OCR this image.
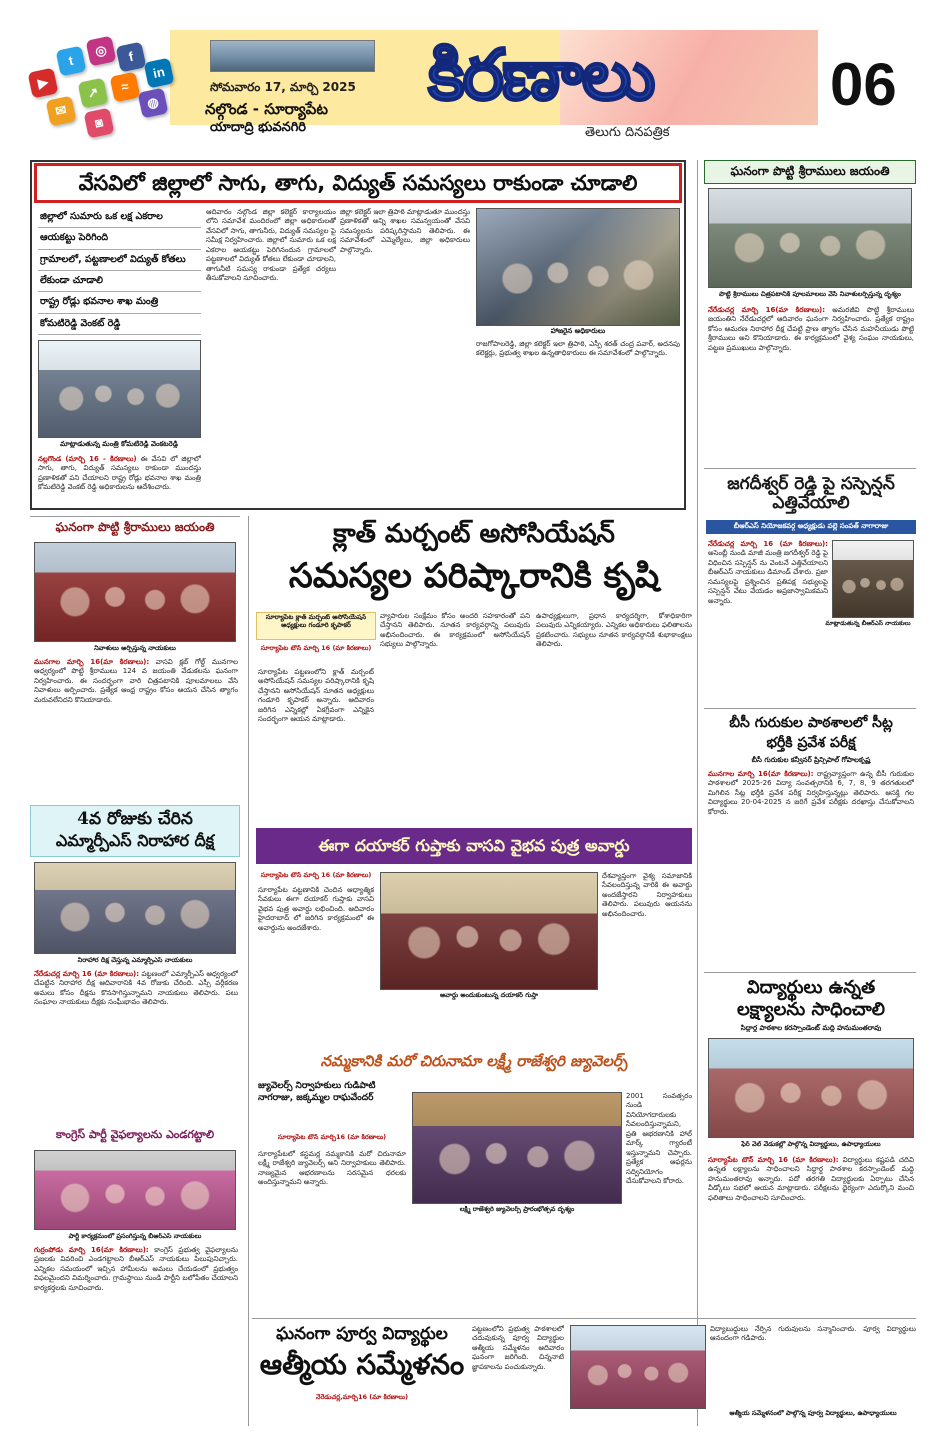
▶
t
◎	f
in
✉
↗	≈
◍
◙
సోమవారం 17, మార్చి 2025
నల్గొండ - సూర్యాపేట
యాదాద్రి భువనగిరి
కిరణాలు
తెలుగు దినపత్రిక
06
వేసవిలో జిల్లాలో సాగు, తాగు, విద్యుత్ సమస్యలు రాకుండా చూడాలి
జిల్లాలో సుమారు ఒక లక్ష ఎకరాల
ఆయకట్టు పెరిగింది
గ్రామాలలో, పట్టణాలలో విద్యుత్ కోతలు
లేకుండా చూడాలి
రాష్ట్ర రోడ్లు భవనాల శాఖ మంత్రి
కోమటిరెడ్డి వెంకట్ రెడ్డి
మాట్లాడుతున్న మంత్రి కోమటిరెడ్డి వెంకటరెడ్డి
నల్లగొండ (మార్చి 16 - కిరణాలు) ఈ వేసవి లో జిల్లాలో సాగు, తాగు, విద్యుత్ సమస్యలు రాకుండా ముందస్తు ప్రణాళికతో పని చేయాలని రాష్ట్ర రోడ్లు భవనాల శాఖ మంత్రి కోమటిరెడ్డి వెంకట్ రెడ్డి అధికారులను ఆదేశించారు.
ఆదివారం నల్గొండ జిల్లా కలెక్టర్ కార్యాలయం లోని సమావేశ మందిరంలో జిల్లా అధికారులతో వేసవిలో సాగు, తాగునీరు, విద్యుత్ సమస్యల పై సమీక్ష నిర్వహించారు. జిల్లాలో సుమారు ఒక లక్ష ఎకరాల ఆయకట్టు పెరిగినందున గ్రామాలలో పట్టణాలలో విద్యుత్ కోతలు లేకుండా చూడాలని, తాగునీటి సమస్య రాకుండా ప్రత్యేక చర్యలు తీసుకోవాలని సూచించారు.
జిల్లా కలెక్టర్ ఇలా త్రిపాఠి మాట్లాడుతూ ముందస్తు ప్రణాళికతో అన్ని శాఖల సమన్వయంతో వేసవి సమస్యలను పరిష్కరిస్తామని తెలిపారు. ఈ సమావేశంలో ఎమ్మెల్యేలు, జిల్లా అధికారులు పాల్గొన్నారు.
హాజరైన అధికారులు
రాజగోపాలరెడ్డి, జిల్లా కలెక్టర్ ఇలా త్రిపాఠి, ఎస్పీ శరత్ చంద్ర పవార్, అదనపు కలెక్టర్లు, ప్రభుత్వ శాఖల ఉన్నతాధికారులు ఈ సమావేశంలో పాల్గొన్నారు.
ఘనంగా పొట్టి శ్రీరాములు జయంతి
పొట్టి శ్రీరాములు చిత్రపటానికి పూలమాలలు వేసి నివాళులర్పిస్తున్న దృశ్యం
నేరేడుచర్ల మార్చి 16(మా కిరణాలు): అమరజీవి పొట్టి శ్రీరాములు జయంతిని నేరేడుచర్లలో ఆదివారం ఘనంగా నిర్వహించారు. ప్రత్యేక రాష్ట్రం కోసం ఆమరణ నిరాహార దీక్ష చేపట్టి ప్రాణ త్యాగం చేసిన మహనీయుడు పొట్టి శ్రీరాములు అని కొనియాడారు. ఈ కార్యక్రమంలో వైశ్య సంఘం నాయకులు, పట్టణ ప్రముఖులు పాల్గొన్నారు.
జగదీశ్వర్ రెడ్డి పై సస్పెన్షన్ ఎత్తివేయాలి
బీఆర్ఎస్ నియోజకవర్గ అధ్యక్షుడు వల్లె సంపత్ నాగారాజు
మాట్లాడుతున్న బీఆర్ఎస్ నాయకులు
నేరేడుచర్ల మార్చి 16 (మా కిరణాలు): అసెంబ్లీ నుండి మాజీ మంత్రి జగదీశ్వర్ రెడ్డి పై విధించిన సస్పెన్షన్ ను వెంటనే ఎత్తివేయాలని బీఆర్ఎస్ నాయకులు డిమాండ్ చేశారు. ప్రజా సమస్యలపై ప్రశ్నించిన ప్రతిపక్ష సభ్యులపై సస్పెన్షన్ వేటు వేయడం అప్రజాస్వామికమని అన్నారు.
బీసీ గురుకుల పాఠశాలలో సీట్ల
భర్తీకి ప్రవేశ పరీక్ష
బీసీ గురుకుల కన్వీనర్ ప్రిన్సిపాల్ గోపాలకృష్ణ
మునగాల మార్చి 16(మా కిరణాలు): రాష్ట్రవ్యాప్తంగా ఉన్న బీసీ గురుకుల పాఠశాలలో 2025-26 విద్యా సంవత్సరానికి 6, 7, 8, 9 తరగతులలో మిగిలిన సీట్ల భర్తీకి ప్రవేశ పరీక్ష నిర్వహిస్తున్నట్లు తెలిపారు. ఆసక్తి గల విద్యార్థులు 20-04-2025 న జరిగే ప్రవేశ పరీక్షకు దరఖాస్తు చేసుకోవాలని కోరారు.
విద్యార్థులు ఉన్నత
లక్ష్యాలను సాధించాలి
సిద్దార్థ పాఠశాల కరస్పాండెంట్ మద్ది హనుమంతరావు
ఫేర్ వెల్ వేడుకల్లో పాల్గొన్న విద్యార్థులు, ఉపాధ్యాయులు
సూర్యాపేట టౌన్ మార్చి 16 (మా కిరణాలు): విద్యార్థులు కష్టపడి చదివి ఉన్నత లక్ష్యాలను సాధించాలని సిద్దార్థ పాఠశాల కరస్పాండెంట్ మద్ది హనుమంతరావు అన్నారు. పదో తరగతి విద్యార్థులకు ఏర్పాటు చేసిన వీడ్కోలు సభలో ఆయన మాట్లాడారు. పరీక్షలను ధైర్యంగా ఎదుర్కొని మంచి ఫలితాలు సాధించాలని సూచించారు.
ఘనంగా పొట్టి శ్రీరాములు జయంతి
నివాళులు అర్పిస్తున్న నాయకులు
మునగాల మార్చి 16(మా కిరణాలు): వాసవి క్లబ్ గోల్డ్ మునగాల ఆధ్వర్యంలో పొట్టి శ్రీరాములు 124 వ జయంతి వేడుకలను ఘనంగా నిర్వహించారు. ఈ సందర్భంగా వారి చిత్రపటానికి పూలమాలలు వేసి నివాళులు అర్పించారు. ప్రత్యేక ఆంధ్ర రాష్ట్రం కోసం ఆయన చేసిన త్యాగం మరువలేనిదని కొనియాడారు.
4వ రోజుకు చేరిన
ఎమ్మార్పీఎస్ నిరాహార దీక్ష
నిరాహార దీక్ష చేస్తున్న ఎమ్మార్పీఎస్ నాయకులు
నేరేడుచర్ల మార్చి 16 (మా కిరణాలు): పట్టణంలో ఎమ్మార్పీఎస్ ఆధ్వర్యంలో చేపట్టిన నిరాహార దీక్ష ఆదివారానికి 4వ రోజుకు చేరింది. ఎస్సీ వర్గీకరణ అమలు కోసం దీక్షను కొనసాగిస్తున్నామని నాయకులు తెలిపారు. పలు సంఘాల నాయకులు దీక్షకు సంఘీభావం తెలిపారు.
కాంగ్రెస్ పార్టీ వైఫల్యాలను ఎండగట్టాలి
పార్టీ కార్యక్రమంలో ప్రసంగిస్తున్న బీఆర్ఎస్ నాయకులు
గుర్రంపోడు మార్చి 16(మా కిరణాలు): కాంగ్రెస్ ప్రభుత్వ వైఫల్యాలను ప్రజలకు వివరించి ఎండగట్టాలని బీఆర్ఎస్ నాయకులు పిలుపునిచ్చారు. ఎన్నికల సమయంలో ఇచ్చిన హామీలను అమలు చేయడంలో ప్రభుత్వం విఫలమైందని విమర్శించారు. గ్రామస్థాయి నుండి పార్టీని బలోపేతం చేయాలని కార్యకర్తలకు సూచించారు.
క్లాత్ మర్చంట్ అసోసియేషన్
సమస్యల పరిష్కారానికి కృషి
సూర్యాపేట క్లాత్ మర్చంట్ అసోసియేషన్ అధ్యక్షులు గండూరి కృపాకర్
సూర్యాపేట టౌన్ మార్చి 16 (మా కిరణాలు)
సూర్యాపేట పట్టణంలోని క్లాత్ మర్చంట్ అసోసియేషన్ సమస్యల పరిష్కారానికి కృషి చేస్తానని అసోసియేషన్ నూతన అధ్యక్షులు గండూరి కృపాకర్ అన్నారు. ఆదివారం జరిగిన ఎన్నికల్లో ఏకగ్రీవంగా ఎన్నికైన సందర్భంగా ఆయన మాట్లాడారు.
వ్యాపారుల సంక్షేమం కోసం అందరి సహకారంతో పని చేస్తానని తెలిపారు. నూతన కార్యవర్గాన్ని పలువురు అభినందించారు. ఈ కార్యక్రమంలో అసోసియేషన్ సభ్యులు పాల్గొన్నారు.
ఉపాధ్యక్షులుగా, ప్రధాన కార్యదర్శిగా, కోశాధికారిగా పలువురు ఎన్నికయ్యారు. ఎన్నికల అధికారులు ఫలితాలను ప్రకటించారు. సభ్యులు నూతన కార్యవర్గానికి శుభాకాంక్షలు తెలిపారు.
ఈగా దయాకర్ గుప్తాకు వాసవి వైభవ పుత్ర అవార్డు
సూర్యాపేట టౌన్ మార్చి 16 (మా కిరణాలు)
సూర్యాపేట పట్టణానికి చెందిన ఆధ్యాత్మిక సేవకులు ఈగా దయాకర్ గుప్తాకు వాసవి వైభవ పుత్ర అవార్డు లభించింది. ఆదివారం హైదరాబాద్ లో జరిగిన కార్యక్రమంలో ఈ అవార్డును అందజేశారు.
అవార్డు అందుకుంటున్న దయాకర్ గుప్తా
దేశవ్యాప్తంగా వైశ్య సమాజానికి సేవలందిస్తున్న వారికి ఈ అవార్డు అందజేస్తారని నిర్వాహకులు తెలిపారు. పలువురు ఆయనను అభినందించారు.
నమ్మకానికి మరో చిరునామా లక్ష్మీ రాజేశ్వరి జ్యువెలర్స్
జ్యువెలర్స్ నిర్వాహకులు గుడిపాటి నాగరాజు, జక్కమ్మల రాఘవేందర్
సూర్యాపేట టౌన్ మార్చి16 (మా కిరణాలు)
సూర్యాపేటలో కస్టమర్ల నమ్మకానికి మరో చిరునామా లక్ష్మీ రాజేశ్వరి జ్యువెలర్స్ అని నిర్వాహకులు తెలిపారు. నాణ్యమైన ఆభరణాలను సరసమైన ధరలకు అందిస్తున్నామని అన్నారు.
లక్ష్మీ రాజేశ్వరి జ్యువెలర్స్ ప్రారంభోత్సవ దృశ్యం
2001 సంవత్సరం నుండి వినియోగదారులకు సేవలందిస్తున్నామని, ప్రతి ఆభరణానికి హాల్ మార్క్ గ్యారంటీ ఇస్తున్నామని చెప్పారు. ప్రత్యేక ఆఫర్లను సద్వినియోగం చేసుకోవాలని కోరారు.
ఘనంగా పూర్వ విద్యార్థుల
ఆత్మీయ సమ్మేళనం
నేరేడుచర్ల,మార్చి16 (మా కిరణాలు)
పట్టణంలోని ప్రభుత్వ పాఠశాలలో చదువుకున్న పూర్వ విద్యార్థుల ఆత్మీయ సమ్మేళనం ఆదివారం ఘనంగా జరిగింది. చిన్ననాటి జ్ఞాపకాలను పంచుకున్నారు.
విద్యాబుద్ధులు నేర్పిన గురువులను సన్మానించారు. పూర్వ విద్యార్థులు ఆనందంగా గడిపారు.
ఆత్మీయ సమ్మేళనంలో పాల్గొన్న పూర్వ విద్యార్థులు, ఉపాధ్యాయులు
